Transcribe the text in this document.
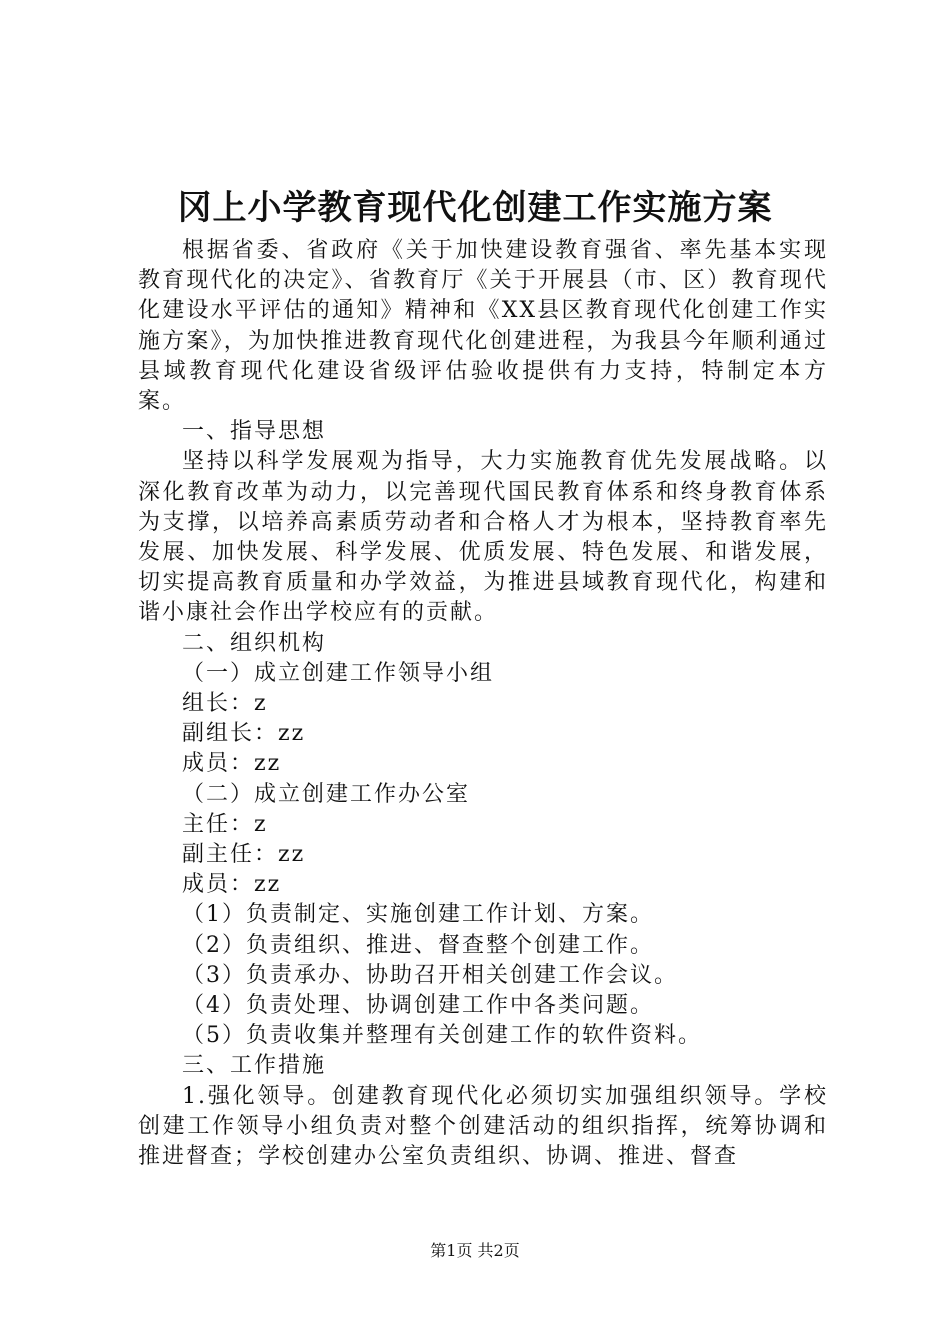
冈上小学教育现代化创建工作实施方案

根据省委、省政府《关于加快建设教育强省、率先基本实现教育现代化的决定》、省教育厅《关于开展县（市、区）教育现代化建设水平评估的通知》精神和《XX县区教育现代化创建工作实施方案》，为加快推进教育现代化创建进程，为我县今年顺利通过县域教育现代化建设省级评估验收提供有力支持，特制定本方案。

一、指导思想

坚持以科学发展观为指导，大力实施教育优先发展战略。以深化教育改革为动力，以完善现代国民教育体系和终身教育体系为支撑，以培养高素质劳动者和合格人才为根本，坚持教育率先发展、加快发展、科学发展、优质发展、特色发展、和谐发展，切实提高教育质量和办学效益，为推进县域教育现代化，构建和谐小康社会作出学校应有的贡献。

二、组织机构

（一）成立创建工作领导小组

组长：z

副组长：zz

成员：zz

（二）成立创建工作办公室

主任：z

副主任：zz

成员：zz

（1）负责制定、实施创建工作计划、方案。

（2）负责组织、推进、督查整个创建工作。

（3）负责承办、协助召开相关创建工作会议。

（4）负责处理、协调创建工作中各类问题。

（5）负责收集并整理有关创建工作的软件资料。

三、工作措施

1.强化领导。创建教育现代化必须切实加强组织领导。学校创建工作领导小组负责对整个创建活动的组织指挥，统筹协调和推进督查；学校创建办公室负责组织、协调、推进、督查

第1页 共2页
